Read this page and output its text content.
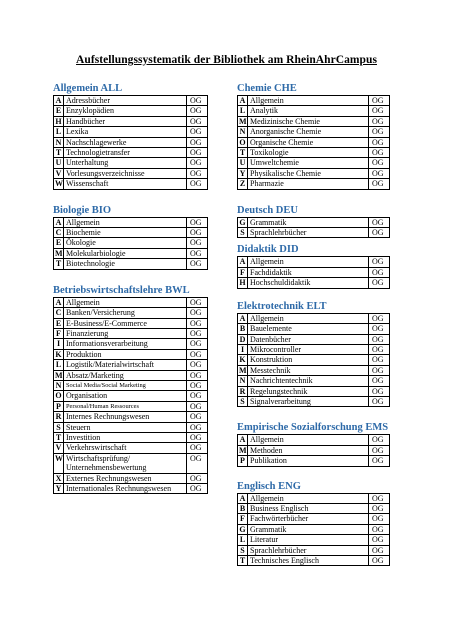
Aufstellungssystematik der Bibliothek am RheinAhrCampus
Allgemein ALL
A	Adressbücher	OG
E	Enzyklopädien	OG
H	Handbücher	OG
L	Lexika	OG
N	Nachschlagewerke	OG
T	Technologietransfer	OG
U	Unterhaltung	OG
V	Vorlesungsverzeichnisse	OG
W	Wissenschaft	OG
Biologie BIO
A	Allgemein	OG
C	Biochemie	OG
E	Ökologie	OG
M	Molekularbiologie	OG
T	Biotechnologie	OG
Betriebswirtschaftslehre BWL
A	Allgemein	OG
C	Banken/Versicherung	OG
E	E-Business/E-Commerce	OG
F	Finanzierung	OG
I	Informationsverarbeitung	OG
K	Produktion	OG
L	Logistik/Materialwirtschaft	OG
M	Absatz/Marketing	OG
N	Social Media/Social Marketing	OG
O	Organisation	OG
P	Personal/Human Ressources	OG
R	Internes Rechnungswesen	OG
S	Steuern	OG
T	Investition	OG
V	Verkehrswirtschaft	OG
W	Wirtschaftsprüfung/ Unternehmensbewertung	OG
X	Externes Rechnungswesen	OG
Y	Internationales Rechnungswesen	OG
Chemie CHE
A	Allgemein	OG
L	Analytik	OG
M	Medizinische Chemie	OG
N	Anorganische Chemie	OG
O	Organische Chemie	OG
T	Toxikologie	OG
U	Umweltchemie	OG
Y	Physikalische Chemie	OG
Z	Pharmazie	OG
Deutsch DEU
G	Grammatik	OG
S	Sprachlehrbücher	OG
Didaktik DID
A	Allgemein	OG
F	Fachdidaktik	OG
H	Hochschuldidaktik	OG
Elektrotechnik ELT
A	Allgemein	OG
B	Bauelemente	OG
D	Datenbücher	OG
I	Mikrocontroller	OG
K	Konstruktion	OG
M	Messtechnik	OG
N	Nachrichtentechnik	OG
R	Regelungstechnik	OG
S	Signalverarbeitung	OG
Empirische Sozialforschung EMS
A	Allgemein	OG
M	Methoden	OG
P	Publikation	OG
Englisch ENG
A	Allgemein	OG
B	Business Englisch	OG
F	Fachwörterbücher	OG
G	Grammatik	OG
L	Literatur	OG
S	Sprachlehrbücher	OG
T	Technisches Englisch	OG
